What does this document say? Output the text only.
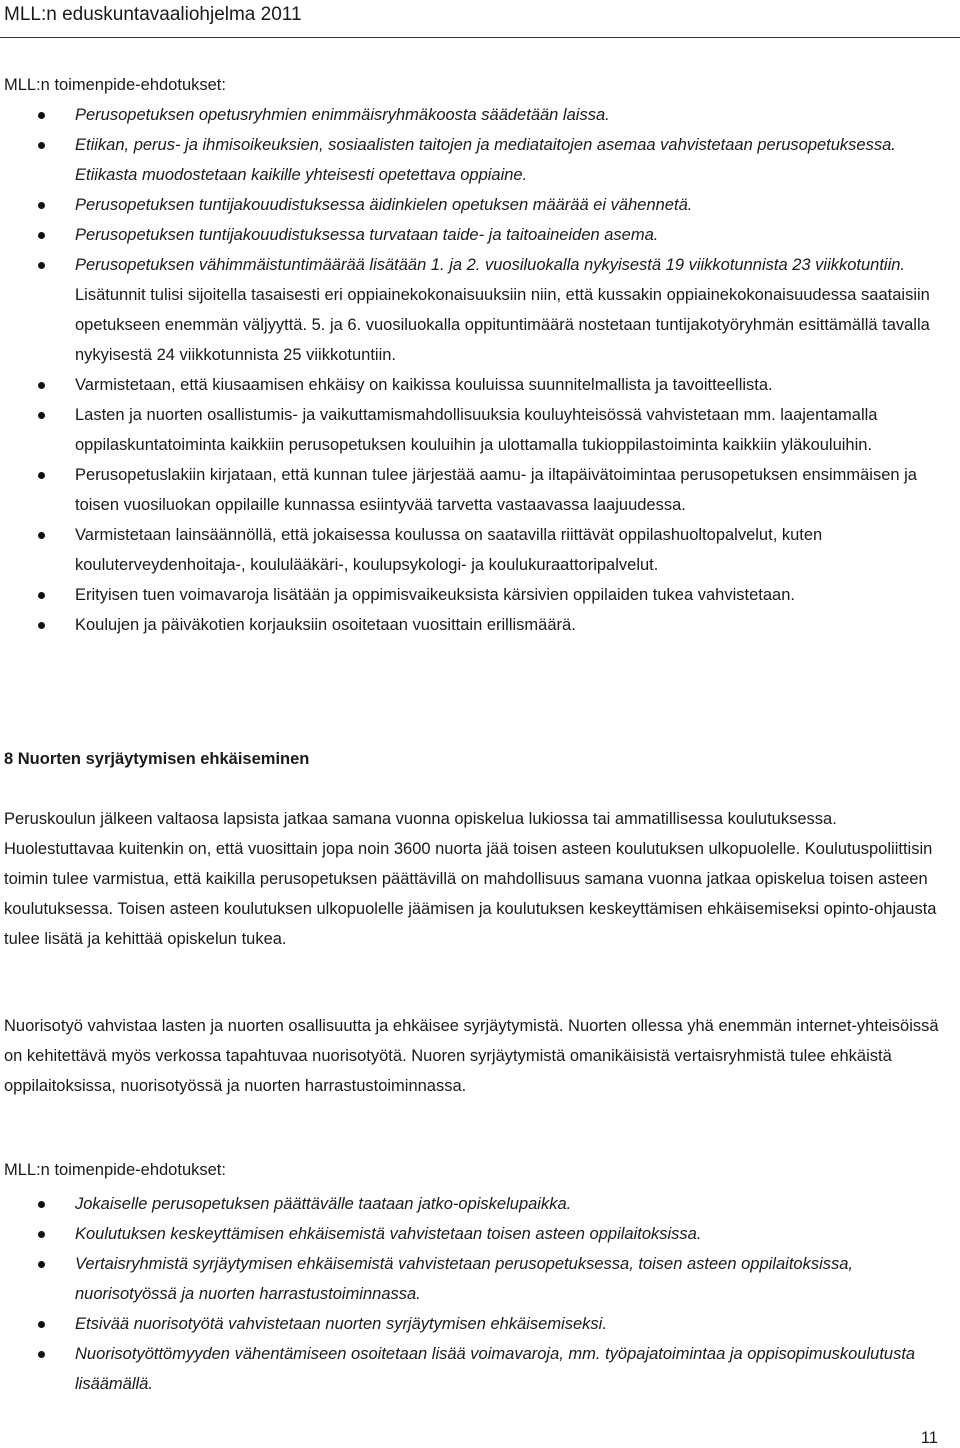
MLL:n eduskuntavaaliohjelma 2011
MLL:n toimenpide-ehdotukset:
Perusopetuksen opetusryhmien enimmäisryhmäkoosta säädetään laissa.
Etiikan, perus- ja ihmisoikeuksien, sosiaalisten taitojen ja mediataitojen asemaa vahvistetaan perusopetuksessa. Etiikasta muodostetaan kaikille yhteisesti opetettava oppiaine.
Perusopetuksen tuntijakouudistuksessa äidinkielen opetuksen määrää ei vähennetä.
Perusopetuksen tuntijakouudistuksessa turvataan taide- ja taitoaineiden asema.
Perusopetuksen vähimmäistuntimäärää lisätään 1. ja 2. vuosiluokalla nykyisestä 19 viikkotunnista 23 viikkotuntiin. Lisätunnit tulisi sijoitella tasaisesti eri oppiainekokonaisuuksiin niin, että kussakin oppiainekokonaisuudessa saataisiin opetukseen enemmän väljyyttä. 5. ja 6. vuosiluokalla oppituntimäärä nostetaan tuntijakotyöryhmän esittämällä tavalla nykyisestä 24 viikkotunnista 25 viikkotuntiin.
Varmistetaan, että kiusaamisen ehkäisy on kaikissa kouluissa suunnitelmallista ja tavoitteellista.
Lasten ja nuorten osallistumis- ja vaikuttamismahdollisuuksia kouluyhteisössä vahvistetaan mm. laajentamalla oppilaskuntatoiminta kaikkiin perusopetuksen kouluihin ja ulottamalla tukioppilastoiminta kaikkiin yläkouluihin.
Perusopetuslakiin kirjataan, että kunnan tulee järjestää aamu- ja iltapäivätoimintaa perusopetuksen ensimmäisen ja toisen vuosiluokan oppilaille kunnassa esiintyvää tarvetta vastaavassa laajuudessa.
Varmistetaan lainsäännöllä, että jokaisessa koulussa on saatavilla riittävät oppilashuoltopalvelut, kuten kouluterveydenhoitaja-, koululääkäri-, koulupsykologi- ja koulukuraattoripalvelut.
Erityisen tuen voimavaroja lisätään ja oppimisvaikeuksista kärsivien oppilaiden tukea vahvistetaan.
Koulujen ja päiväkotien korjauksiin osoitetaan vuosittain erillismäärä.
8 Nuorten syrjäytymisen ehkäiseminen
Peruskoulun jälkeen valtaosa lapsista jatkaa samana vuonna opiskelua lukiossa tai ammatillisessa koulutuksessa. Huolestuttavaa kuitenkin on, että vuosittain jopa noin 3600 nuorta jää toisen asteen koulutuksen ulkopuolelle. Koulutuspoliittisin toimin tulee varmistua, että kaikilla perusopetuksen päättävillä on mahdollisuus samana vuonna jatkaa opiskelua toisen asteen koulutuksessa. Toisen asteen koulutuksen ulkopuolelle jäämisen ja koulutuksen keskeyttämisen ehkäisemiseksi opinto-ohjausta tulee lisätä ja kehittää opiskelun tukea.
Nuorisotyö vahvistaa lasten ja nuorten osallisuutta ja ehkäisee syrjäytymistä. Nuorten ollessa yhä enemmän internet-yhteisöissä on kehitettävä myös verkossa tapahtuvaa nuorisotyötä. Nuoren syrjäytymistä omanikäisistä vertaisryhmistä tulee ehkäistä oppilaitoksissa, nuorisotyössä ja nuorten harrastustoiminnassa.
MLL:n toimenpide-ehdotukset:
Jokaiselle perusopetuksen päättävälle taataan jatko-opiskelupaikka.
Koulutuksen keskeyttämisen ehkäisemistä vahvistetaan toisen asteen oppilaitoksissa.
Vertaisryhmistä syrjäytymisen ehkäisemistä vahvistetaan perusopetuksessa, toisen asteen oppilaitoksissa, nuorisotyössä ja nuorten harrastustoiminnassa.
Etsivää nuorisotyötä vahvistetaan nuorten syrjäytymisen ehkäisemiseksi.
Nuorisotyöttömyyden vähentämiseen osoitetaan lisää voimavaroja, mm. työpajatoimintaa ja oppisopimuskoulutusta lisäämällä.
11
